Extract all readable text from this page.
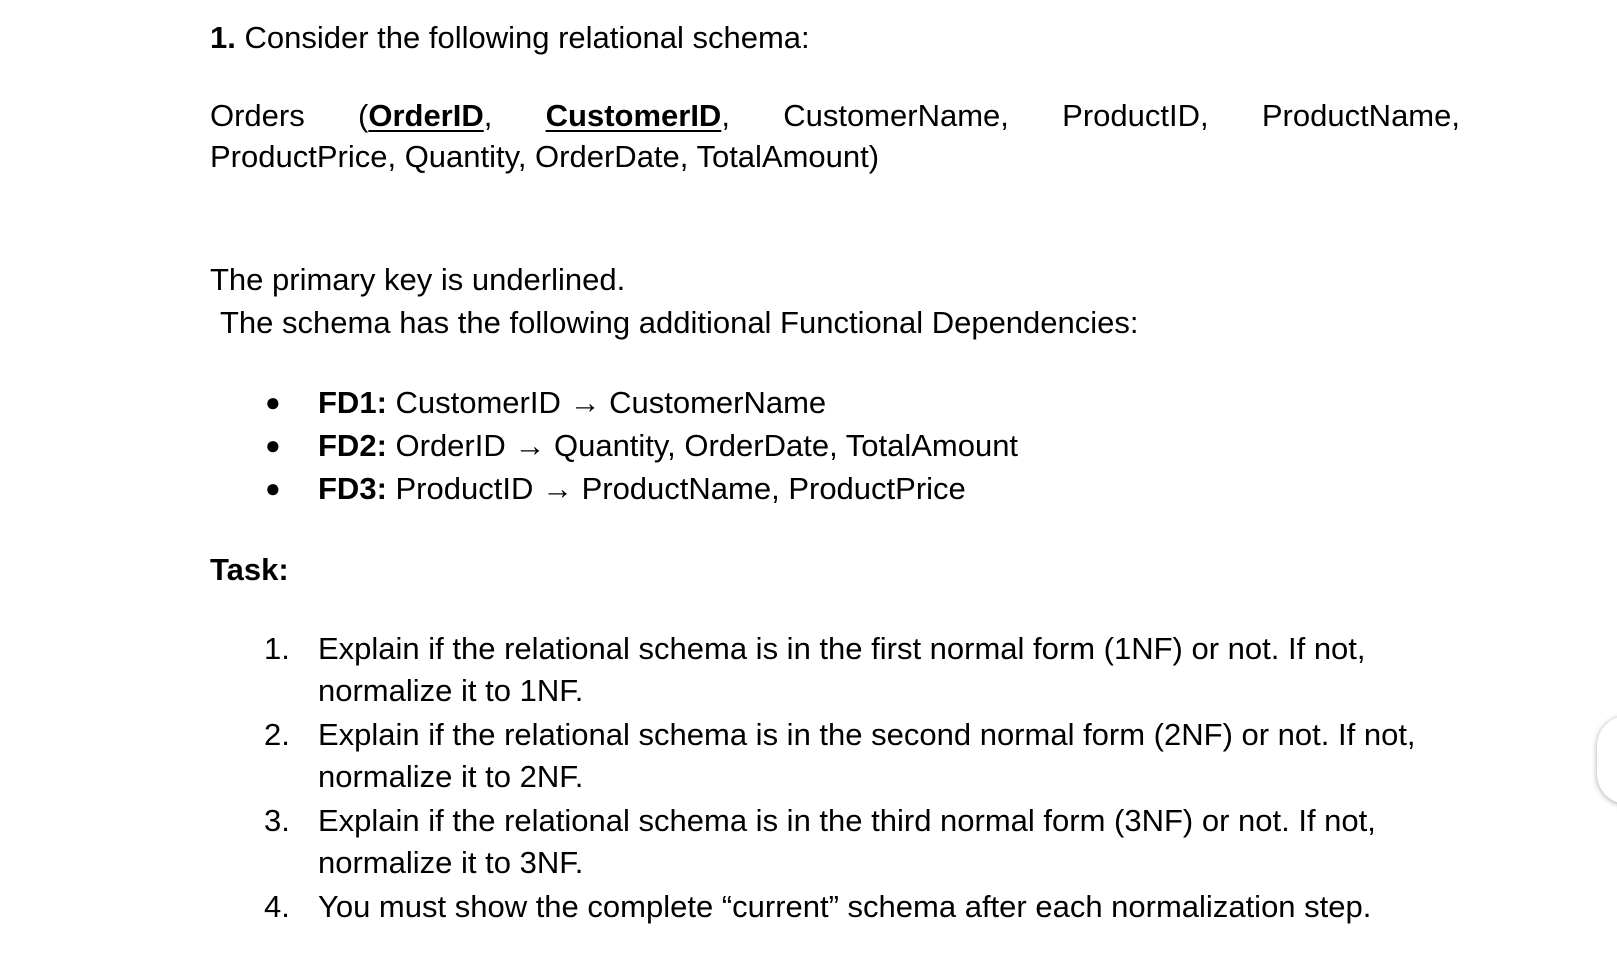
1. Consider the following relational schema:

Orders (OrderID, CustomerID, CustomerName, ProductID, ProductName,
ProductPrice, Quantity, OrderDate, TotalAmount)
The primary key is underlined.
The schema has the following additional Functional Dependencies:
● FD1: CustomerID → CustomerName
● FD2: OrderID → Quantity, OrderDate, TotalAmount
● FD3: ProductID → ProductName, ProductPrice
Task:
1. Explain if the relational schema is in the first normal form (1NF) or not. If not, normalize it to 1NF.
2. Explain if the relational schema is in the second normal form (2NF) or not. If not, normalize it to 2NF.
3. Explain if the relational schema is in the third normal form (3NF) or not. If not, normalize it to 3NF.
4. You must show the complete “current” schema after each normalization step.
